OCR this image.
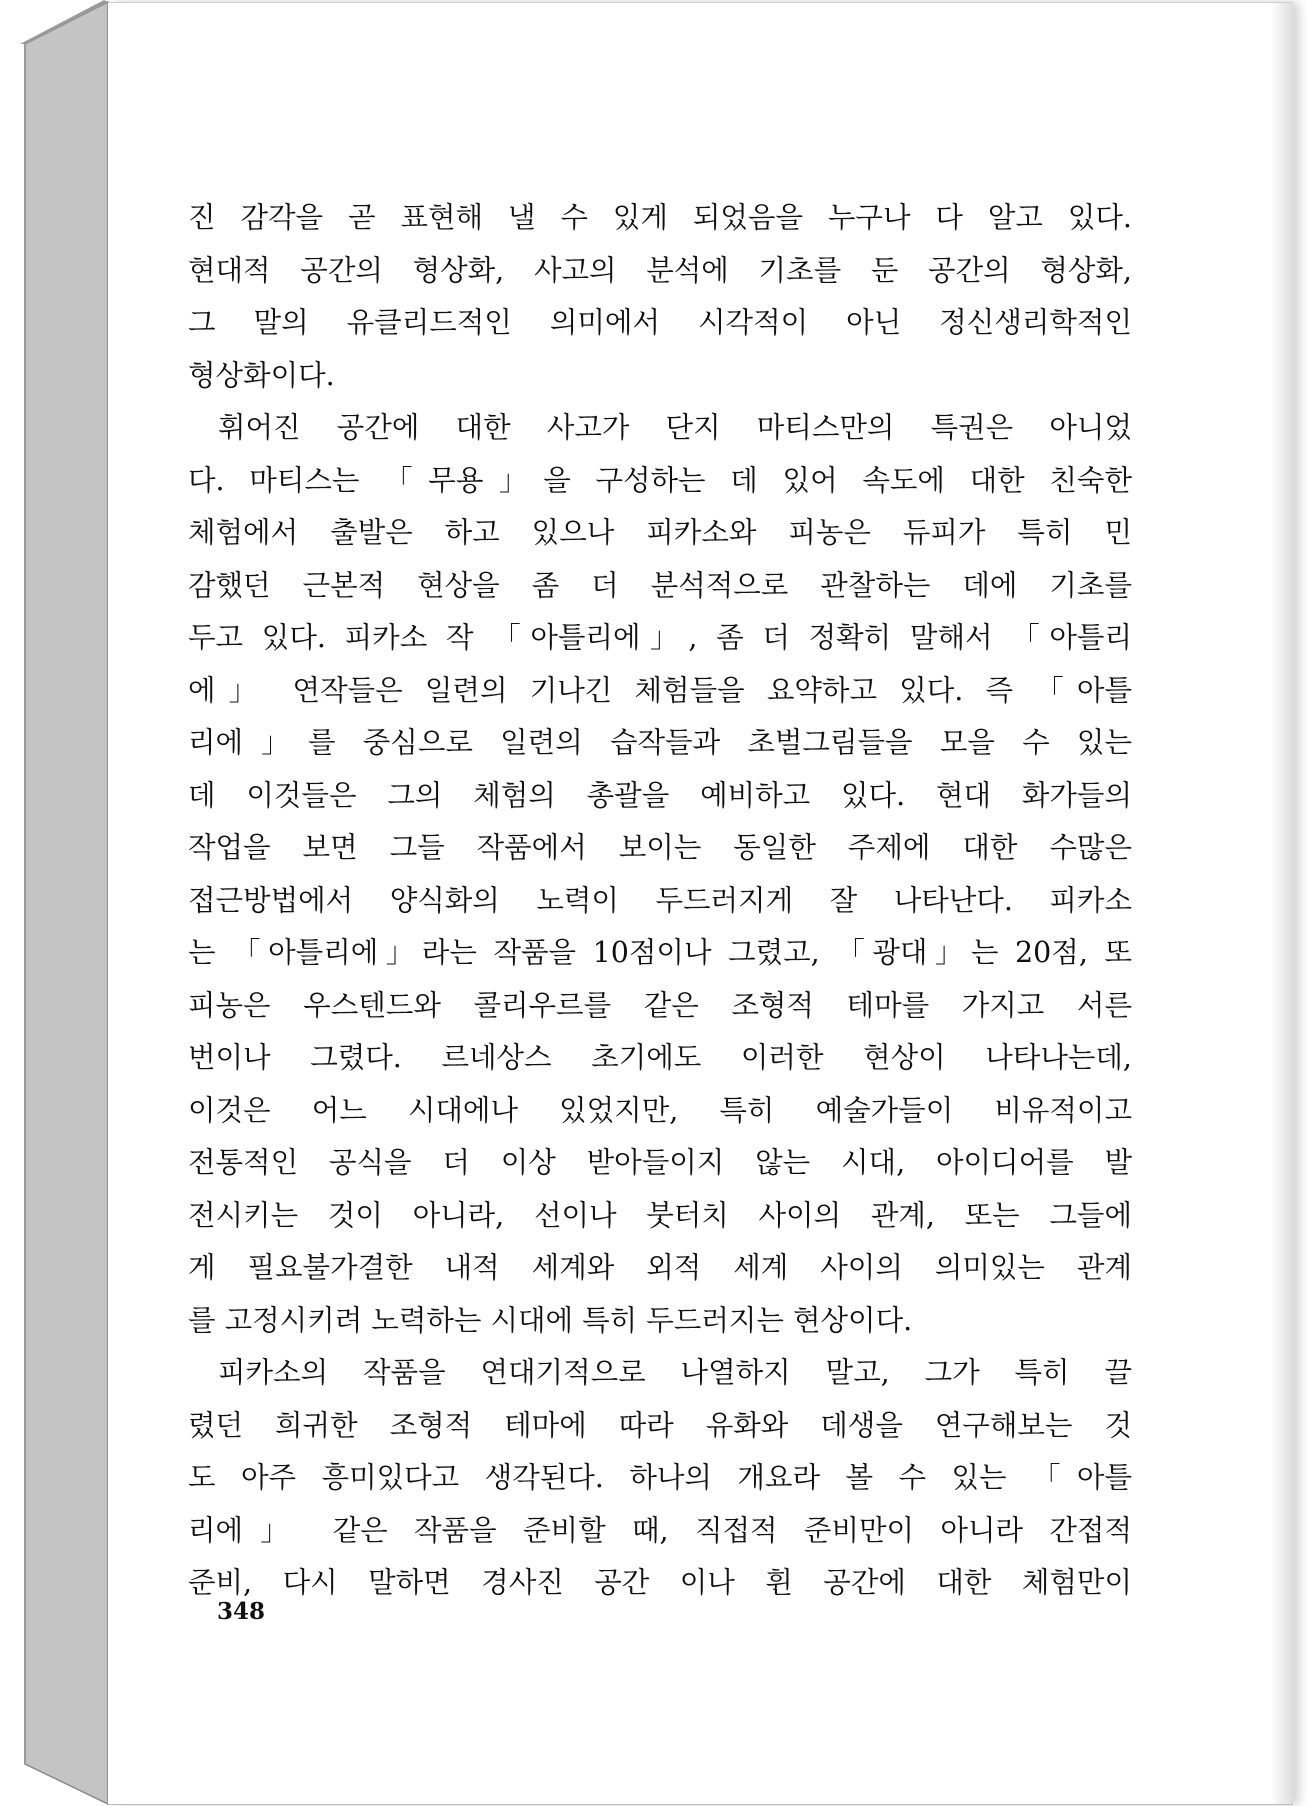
진 감각을 곧 표현해 낼 수 있게 되었음을 누구나 다 알고 있다.
현대적 공간의 형상화, 사고의 분석에 기초를 둔 공간의 형상화,
그 말의 유클리드적인 의미에서 시각적이 아닌 정신생리학적인
형상화이다.
휘어진 공간에 대한 사고가 단지 마티스만의 특권은 아니었
다. 마티스는 「무용」을 구성하는 데 있어 속도에 대한 친숙한
체험에서 출발은 하고 있으나 피카소와 피농은 듀피가 특히 민
감했던 근본적 현상을 좀 더 분석적으로 관찰하는 데에 기초를
두고 있다. 피카소 작 「아틀리에」, 좀 더 정확히 말해서 「아틀리
에」 연작들은 일련의 기나긴 체험들을 요약하고 있다. 즉 「아틀
리에」를 중심으로 일련의 습작들과 초벌그림들을 모을 수 있는
데 이것들은 그의 체험의 총괄을 예비하고 있다. 현대 화가들의
작업을 보면 그들 작품에서 보이는 동일한 주제에 대한 수많은
접근방법에서 양식화의 노력이 두드러지게 잘 나타난다. 피카소
는 「아틀리에」라는 작품을 10점이나 그렸고, 「광대」는 20점, 또
피농은 우스텐드와 콜리우르를 같은 조형적 테마를 가지고 서른
번이나 그렸다. 르네상스 초기에도 이러한 현상이 나타나는데,
이것은 어느 시대에나 있었지만, 특히 예술가들이 비유적이고
전통적인 공식을 더 이상 받아들이지 않는 시대, 아이디어를 발
전시키는 것이 아니라, 선이나 붓터치 사이의 관계, 또는 그들에
게 필요불가결한 내적 세계와 외적 세계 사이의 의미있는 관계
를 고정시키려 노력하는 시대에 특히 두드러지는 현상이다.
피카소의 작품을 연대기적으로 나열하지 말고, 그가 특히 끌
렸던 희귀한 조형적 테마에 따라 유화와 데생을 연구해보는 것
도 아주 흥미있다고 생각된다. 하나의 개요라 볼 수 있는 「아틀
리에」 같은 작품을 준비할 때, 직접적 준비만이 아니라 간접적
준비, 다시 말하면 경사진 공간 이나 휜 공간에 대한 체험만이
348
